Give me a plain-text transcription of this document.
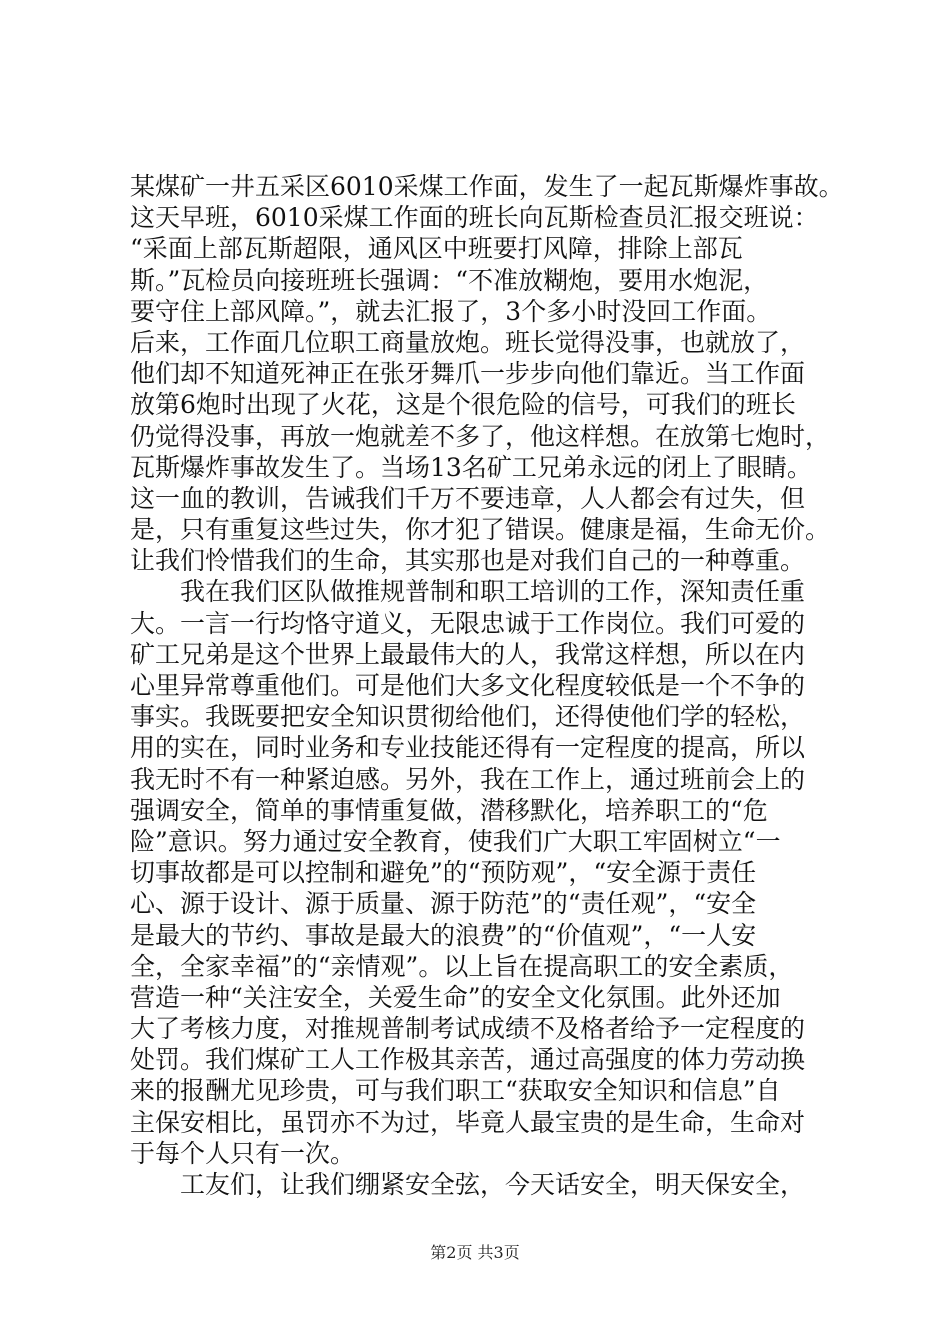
某煤矿一井五采区6010采煤工作面，发生了一起瓦斯爆炸事故。
这天早班，6010采煤工作面的班长向瓦斯检查员汇报交班说：
“采面上部瓦斯超限，通风区中班要打风障，排除上部瓦
斯。”瓦检员向接班班长强调：“不准放糊炮，要用水炮泥，
要守住上部风障。”，就去汇报了，3个多小时没回工作面。
后来，工作面几位职工商量放炮。班长觉得没事，也就放了，
他们却不知道死神正在张牙舞爪一步步向他们靠近。当工作面
放第6炮时出现了火花，这是个很危险的信号，可我们的班长
仍觉得没事，再放一炮就差不多了，他这样想。在放第七炮时，
瓦斯爆炸事故发生了。当场13名矿工兄弟永远的闭上了眼睛。
这一血的教训，告诫我们千万不要违章，人人都会有过失，但
是，只有重复这些过失，你才犯了错误。健康是福，生命无价。
让我们怜惜我们的生命，其实那也是对我们自己的一种尊重。
我在我们区队做推规普制和职工培训的工作，深知责任重
大。一言一行均恪守道义，无限忠诚于工作岗位。我们可爱的
矿工兄弟是这个世界上最最伟大的人，我常这样想，所以在内
心里异常尊重他们。可是他们大多文化程度较低是一个不争的
事实。我既要把安全知识贯彻给他们，还得使他们学的轻松，
用的实在，同时业务和专业技能还得有一定程度的提高，所以
我无时不有一种紧迫感。另外，我在工作上，通过班前会上的
强调安全，简单的事情重复做，潜移默化，培养职工的“危
险”意识。努力通过安全教育，使我们广大职工牢固树立“一
切事故都是可以控制和避免”的“预防观”，“安全源于责任
心、源于设计、源于质量、源于防范”的“责任观”，“安全
是最大的节约、事故是最大的浪费”的“价值观”，“一人安
全，全家幸福”的“亲情观”。以上旨在提高职工的安全素质，
营造一种“关注安全，关爱生命”的安全文化氛围。此外还加
大了考核力度，对推规普制考试成绩不及格者给予一定程度的
处罚。我们煤矿工人工作极其亲苦，通过高强度的体力劳动换
来的报酬尤见珍贵，可与我们职工“获取安全知识和信息”自
主保安相比，虽罚亦不为过，毕竟人最宝贵的是生命，生命对
于每个人只有一次。
工友们，让我们绷紧安全弦，今天话安全，明天保安全，
第2页 共3页
